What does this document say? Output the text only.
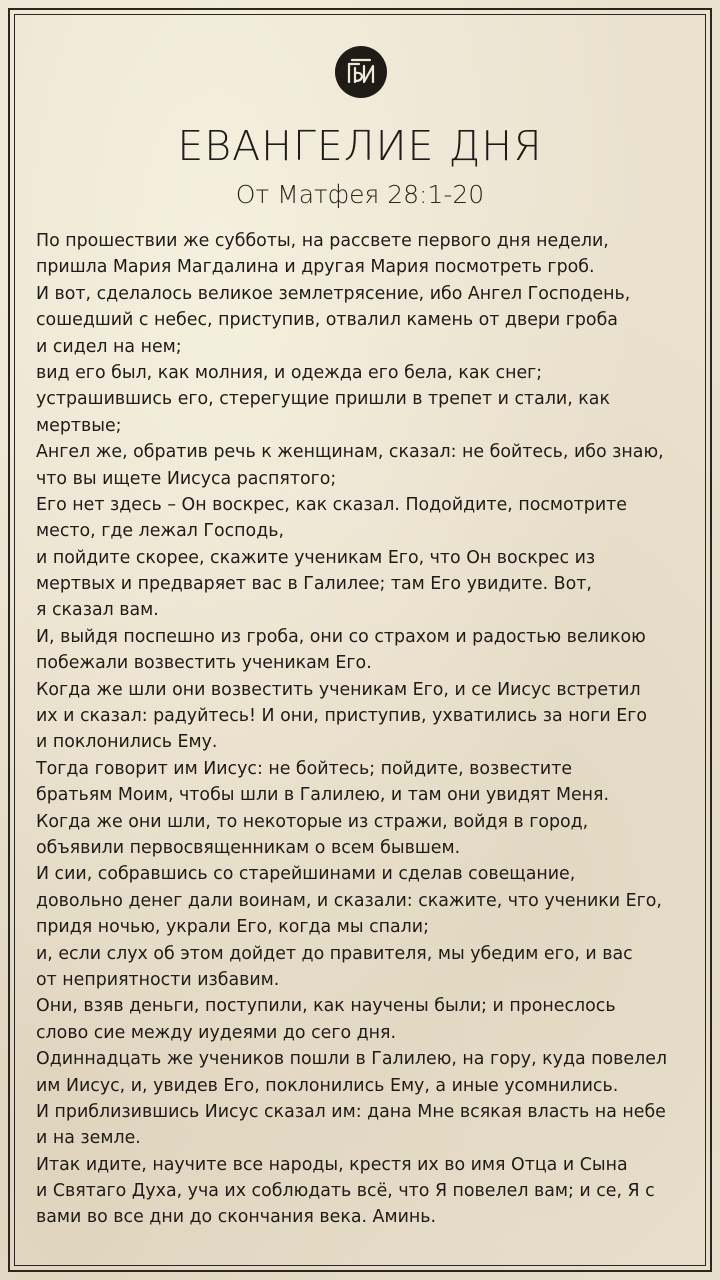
ЕВАНГЕЛИЕ ДНЯ
От Матфея 28:1-20
По прошествии же субботы, на рассвете первого дня недели,
пришла Мария Магдалина и другая Мария посмотреть гроб.
И вот, сделалось великое землетрясение, ибо Ангел Господень,
сошедший с небес, приступив, отвалил камень от двери гроба
и сидел на нем;
вид его был, как молния, и одежда его бела, как снег;
устрашившись его, стерегущие пришли в трепет и стали, как
мертвые;
Ангел же, обратив речь к женщинам, сказал: не бойтесь, ибо знаю,
что вы ищете Иисуса распятого;
Его нет здесь – Он воскрес, как сказал. Подойдите, посмотрите
место, где лежал Господь,
и пойдите скорее, скажите ученикам Его, что Он воскрес из
мертвых и предваряет вас в Галилее; там Его увидите. Вот,
я сказал вам.
И, выйдя поспешно из гроба, они со страхом и радостью великою
побежали возвестить ученикам Его.
Когда же шли они возвестить ученикам Его, и се Иисус встретил
их и сказал: радуйтесь! И они, приступив, ухватились за ноги Его
и поклонились Ему.
Тогда говорит им Иисус: не бойтесь; пойдите, возвестите
братьям Моим, чтобы шли в Галилею, и там они увидят Меня.
Когда же они шли, то некоторые из стражи, войдя в город,
объявили первосвященникам о всем бывшем.
И сии, собравшись со старейшинами и сделав совещание,
довольно денег дали воинам, и сказали: скажите, что ученики Его,
придя ночью, украли Его, когда мы спали;
и, если слух об этом дойдет до правителя, мы убедим его, и вас
от неприятности избавим.
Они, взяв деньги, поступили, как научены были; и пронеслось
слово сие между иудеями до сего дня.
Одиннадцать же учеников пошли в Галилею, на гору, куда повелел
им Иисус, и, увидев Его, поклонились Ему, а иные усомнились.
И приблизившись Иисус сказал им: дана Мне всякая власть на небе
и на земле.
Итак идите, научите все народы, крестя их во имя Отца и Сына
и Святаго Духа, уча их соблюдать всё, что Я повелел вам; и се, Я с
вами во все дни до скончания века. Аминь.
